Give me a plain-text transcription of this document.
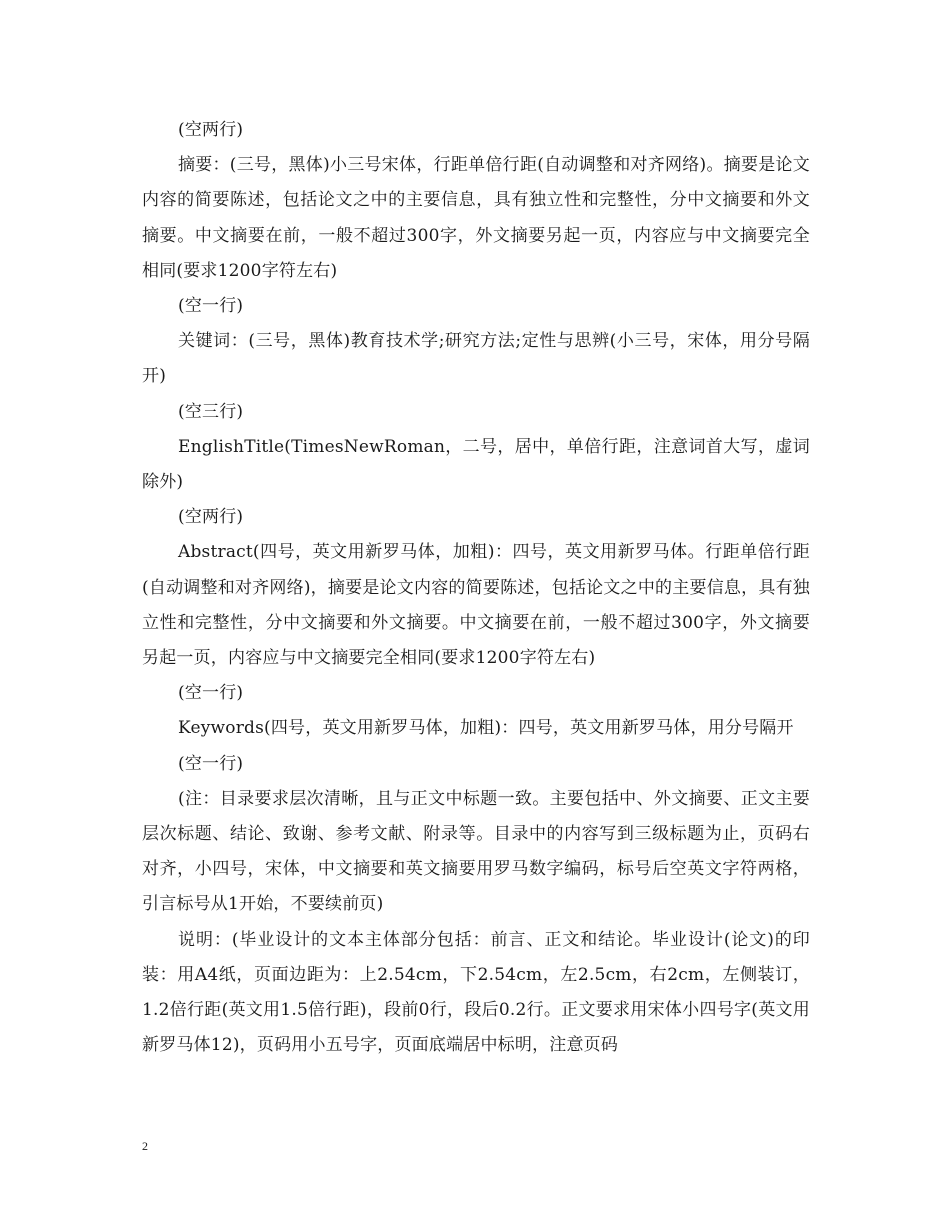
(空两行)

摘要：(三号，黑体)小三号宋体，行距单倍行距(自动调整和对齐网络)。摘要是论文内容的简要陈述，包括论文之中的主要信息，具有独立性和完整性，分中文摘要和外文摘要。中文摘要在前，一般不超过300字，外文摘要另起一页，内容应与中文摘要完全相同(要求1200字符左右)

(空一行)

关键词：(三号，黑体)教育技术学;研究方法;定性与思辨(小三号，宋体，用分号隔开)

(空三行)

EnglishTitle(TimesNewRoman，二号，居中，单倍行距，注意词首大写，虚词除外)

(空两行)

Abstract(四号，英文用新罗马体，加粗)：四号，英文用新罗马体。行距单倍行距(自动调整和对齐网络)，摘要是论文内容的简要陈述，包括论文之中的主要信息，具有独立性和完整性，分中文摘要和外文摘要。中文摘要在前，一般不超过300字，外文摘要另起一页，内容应与中文摘要完全相同(要求1200字符左右)

(空一行)

Keywords(四号，英文用新罗马体，加粗)：四号，英文用新罗马体，用分号隔开

(空一行)

(注：目录要求层次清晰，且与正文中标题一致。主要包括中、外文摘要、正文主要层次标题、结论、致谢、参考文献、附录等。目录中的内容写到三级标题为止，页码右对齐，小四号，宋体，中文摘要和英文摘要用罗马数字编码，标号后空英文字符两格，引言标号从1开始，不要续前页)

说明：(毕业设计的文本主体部分包括：前言、正文和结论。毕业设计(论文)的印装：用A4纸，页面边距为：上2.54cm，下2.54cm，左2.5cm，右2cm，左侧装订，1.2倍行距(英文用1.5倍行距)，段前0行，段后0.2行。正文要求用宋体小四号字(英文用新罗马体12)，页码用小五号字，页面底端居中标明，注意页码

2
